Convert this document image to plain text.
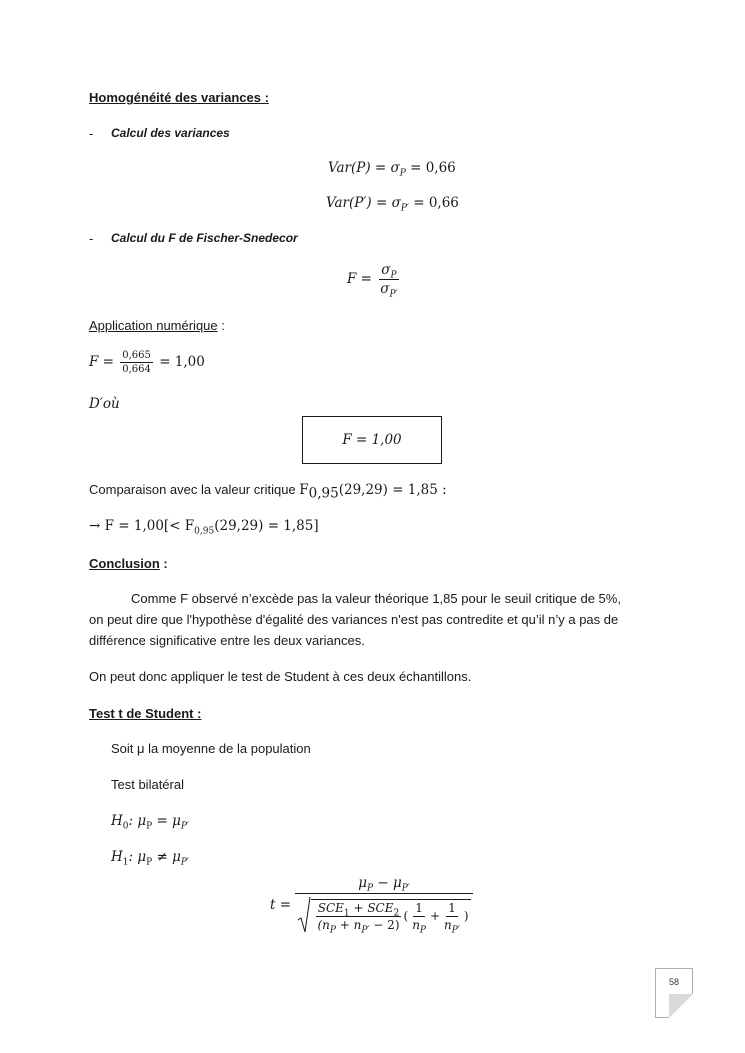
Homogénéité des variances :
- Calcul des variances
$Var(P) = \sigma_P = 0,66$
$Var(P') = \sigma_{P'} = 0,66$
- Calcul du F de Fischer-Snedecor
$F = \frac{\sigma_P}{\sigma_{P'}}$
Application numérique :
$F = \frac{0,665}{0,664} = 1,00$
D′où
F = 1,00
Comparaison avec la valeur critique $F_{0,95}(29,29) = 1,85$ :
→ $F = 1,00[< F_{0,95}(29,29) = 1,85]$
Conclusion :
Comme F observé n’excède pas la valeur théorique 1,85 pour le seuil critique de 5%,
on peut dire que l'hypothèse d'égalité des variances n'est pas contredite et qu’il n’y a pas de
différence significative entre les deux variances.
On peut donc appliquer le test de Student à ces deux échantillons.
Test t de Student :
Soit μ la moyenne de la population
Test bilatéral
$H_0$: $\mu_P = \mu_{P'}$
$H_1$: $\mu_P \ne \mu_{P'}$
t =
$\mu_P - \mu_{P'}$
$\frac{SCE_1 + SCE_2}{(n_P + n_{P'} - 2)}$ ( $\frac{1}{n_P} + \frac{1}{n_{P'}}$ )
58
